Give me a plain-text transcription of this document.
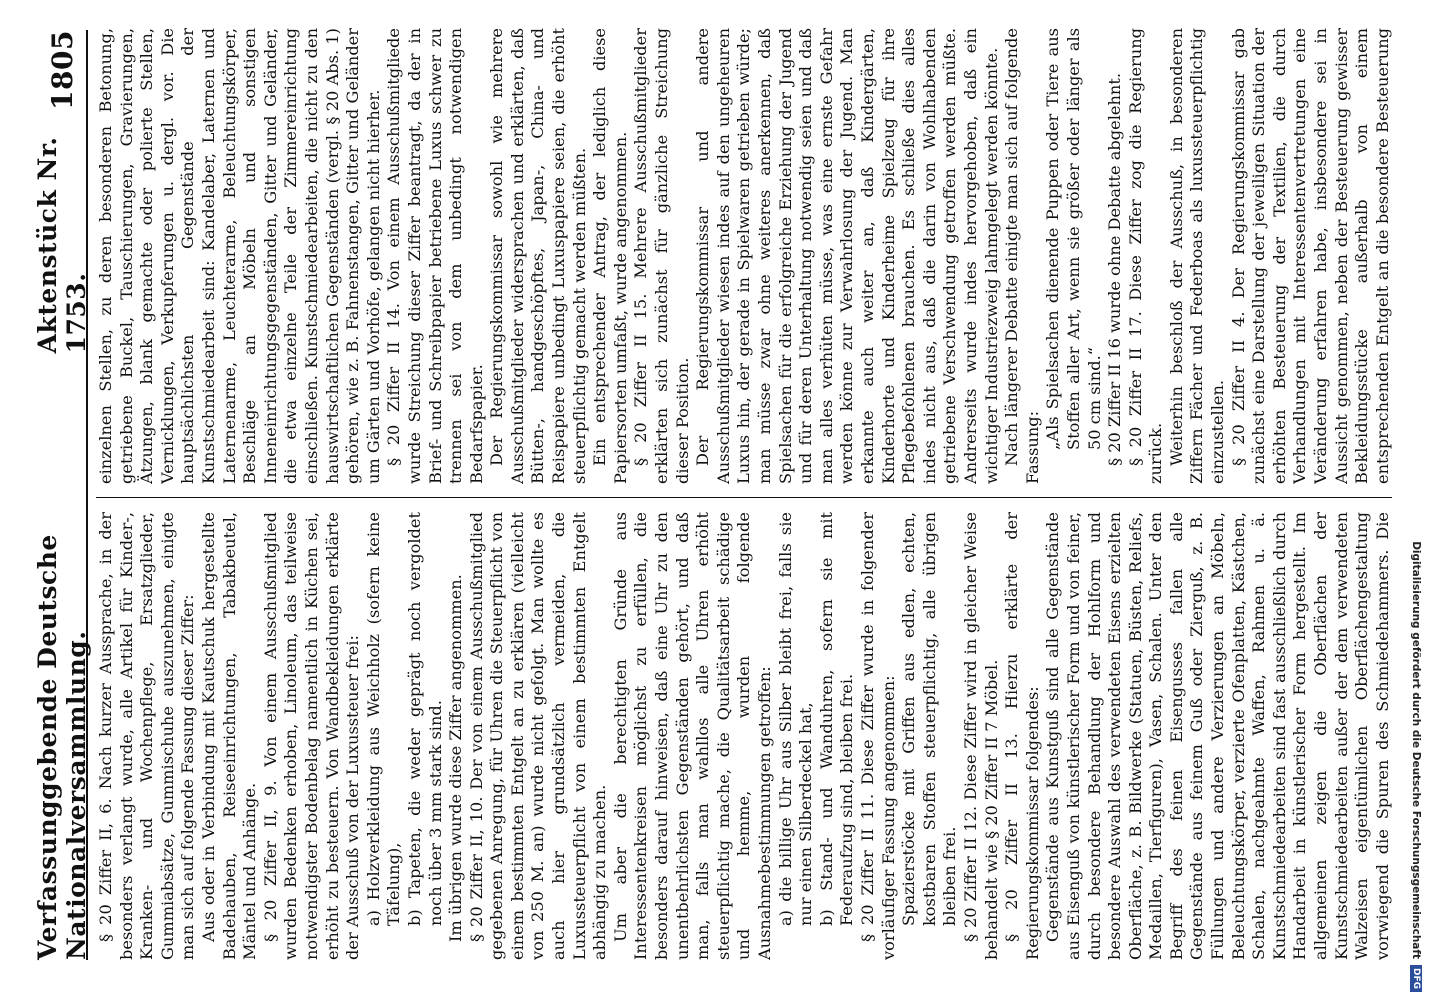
Verfassunggebende Deutsche Nationalversammlung.
Aktenstück Nr. 1753.
1805

§ 20 Ziffer II, 6. Nach kurzer Aussprache, in der besonders verlangt wurde, alle Artikel für Kinder-, Kranken- und Wochenpflege, Ersatzglieder, Gummiabsätze, Gummischuhe auszunehmen, einigte man sich auf folgende Fassung dieser Ziffer: Aus oder in Verbindung mit Kautschuk hergestellte Badehauben, Reiseeinrichtungen, Tabakbeutel, Mäntel und Anhänge. § 20 Ziffer II, 9. Von einem Ausschußmitglied wurden Bedenken erhoben, Linoleum, das teilweise notwendigster Bodenbelag namentlich in Küchen sei, erhöht zu besteuern. Von Wandbekleidungen erklärte der Ausschuß von der Luxussteuer frei: a) Holzverkleidung aus Weichholz (sofern keine Täfelung), b) Tapeten, die weder geprägt noch vergoldet noch über 3 mm stark sind. Im übrigen wurde diese Ziffer angenommen. § 20 Ziffer II, 10. Der von einem Ausschußmitglied gegebenen Anregung, für Uhren die Steuerpflicht von einem bestimmten Entgelt an zu erklären (vielleicht von 250 M. an) wurde nicht gefolgt. Man wollte es auch hier grundsätzlich vermeiden, die Luxussteuerpflicht von einem bestimmten Entgelt abhängig zu machen. Um aber die berechtigten Gründe aus Interessentenkreisen möglichst zu erfüllen, die besonders darauf hinweisen, daß eine Uhr zu den unentbehrlichsten Gegenständen gehört, und daß man, falls man wahllos alle Uhren erhöht steuerpflichtig mache, die Qualitätsarbeit schädige und hemme, wurden folgende Ausnahmebestimmungen getroffen: a) die billige Uhr aus Silber bleibt frei, falls sie nur einen Silberdeckel hat, b) Stand- und Wanduhren, sofern sie mit Federaufzug sind, bleiben frei. § 20 Ziffer II 11. Diese Ziffer wurde in folgender vorläufiger Fassung angenommen: Spazierstöcke mit Griffen aus edlen, echten, kostbaren Stoffen steuerpflichtig, alle übrigen bleiben frei. § 20 Ziffer II 12. Diese Ziffer wird in gleicher Weise behandelt wie § 20 Ziffer II 7 Möbel. § 20 Ziffer II 13. Hierzu erklärte der Regierungskommissar folgendes: Gegenstände aus Kunstguß sind alle Gegenstände aus Eisenguß von künstlerischer Form und von feiner, durch besondere Behandlung der Hohlform und besondere Auswahl des verwendeten Eisens erzielten Oberfläche, z. B. Bildwerke (Statuen, Büsten, Reliefs, Medaillen, Tierfiguren), Vasen, Schalen. Unter den Begriff des feinen Eisengusses fallen alle Gegenstände aus feinem Guß oder Zierguß, z. B. Füllungen und andere Verzierungen an Möbeln, Beleuchtungskörper, verzierte Ofenplatten, Kästchen, Schalen, nachgeahmte Waffen, Rahmen u. ä. Kunstschmiedearbeiten sind fast ausschließlich durch Handarbeit in künstlerischer Form hergestellt. Im allgemeinen zeigen die Oberflächen der Kunstschmiedearbeiten außer der dem verwendeten Walzeisen eigentümlichen Oberflächengestaltung vorwiegend die Spuren des Schmiedehammers. Die

einzelnen Stellen, zu deren besonderen Betonung, getriebene Buckel, Tauschierungen, Gravierungen, Ätzungen, blank gemachte oder polierte Stellen, Vernicklungen, Verkupferungen u. dergl. vor. Die hauptsächlichsten Gegenstände der Kunstschmiedearbeit sind: Kandelaber, Laternen und Laternenarme, Leuchterarme, Beleuchtungskörper, Beschläge an Möbeln und sonstigen Inneneinrichtungsgegenständen, Gitter und Geländer, die etwa einzelne Teile der Zimmereinrichtung einschließen. Kunstschmiedearbeiten, die nicht zu den hauswirtschaftlichen Gegenständen (vergl. § 20 Abs. 1) gehören, wie z. B. Fahnenstangen, Gitter und Geländer um Gärten und Vorhöfe, gelangen nicht hierher. § 20 Ziffer II 14. Von einem Ausschußmitgliede wurde Streichung dieser Ziffer beantragt, da der in Brief- und Schreibpapier betriebene Luxus schwer zu trennen sei von dem unbedingt notwendigen Bedarfspapier. Der Regierungskommissar sowohl wie mehrere Ausschußmitglieder widersprachen und erklärten, daß Bütten-, handgeschöpftes, Japan-, China- und Reispapiere unbedingt Luxuspapiere seien, die erhöht steuerpflichtig gemacht werden müßten. Ein entsprechender Antrag, der lediglich diese Papiersorten umfaßt, wurde angenommen. § 20 Ziffer II 15. Mehrere Ausschußmitglieder erklärten sich zunächst für gänzliche Streichung dieser Position. Der Regierungskommissar und andere Ausschußmitglieder wiesen indes auf den ungeheuren Luxus hin, der gerade in Spielwaren getrieben würde; man müsse zwar ohne weiteres anerkennen, daß Spielsachen für die erfolgreiche Erziehung der Jugend und für deren Unterhaltung notwendig seien und daß man alles verhüten müsse, was eine ernste Gefahr werden könne zur Verwahrlosung der Jugend. Man erkannte auch weiter an, daß Kindergärten, Kinderhorte und Kinderheime Spielzeug für ihre Pflegebefohlenen brauchen. Es schließe dies alles indes nicht aus, daß die darin von Wohlhabenden getriebene Verschwendung getroffen werden müßte. Andrerseits wurde indes hervorgehoben, daß ein wichtiger Industriezweig lahmgelegt werden könnte. Nach längerer Debatte einigte man sich auf folgende Fassung: „Als Spielsachen dienende Puppen oder Tiere aus Stoffen aller Art, wenn sie größer oder länger als 50 cm sind.“ § 20 Ziffer II 16 wurde ohne Debatte abgelehnt. § 20 Ziffer II 17. Diese Ziffer zog die Regierung zurück. Weiterhin beschloß der Ausschuß, in besonderen Ziffern Fächer und Federboas als luxussteuerpflichtig einzustellen. § 20 Ziffer II 4. Der Regierungskommissar gab zunächst eine Darstellung der jeweiligen Situation der erhöhten Besteuerung der Textilien, die durch Verhandlungen mit Interessentenvertretungen eine Veränderung erfahren habe, insbesondere sei in Aussicht genommen, neben der Besteuerung gewisser Bekleidungsstücke außerhalb von einem entsprechenden Entgelt an die besondere Besteuerung

Digitalisierung gefördert durch die Deutsche Forschungsgemeinschaft
DFG
